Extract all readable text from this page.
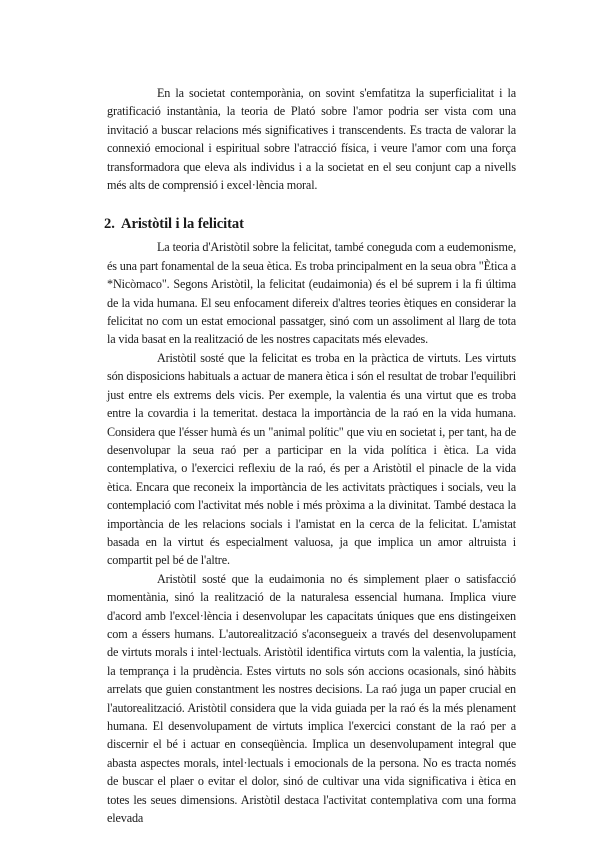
En la societat contemporània, on sovint s'emfatitza la superficialitat i la gratificació instantània, la teoria de Plató sobre l'amor podria ser vista com una invitació a buscar relacions més significatives i transcendents. Es tracta de valorar la connexió emocional i espiritual sobre l'atracció física, i veure l'amor com una força transformadora que eleva als individus i a la societat en el seu conjunt cap a nivells més alts de comprensió i excel·lència moral.

2. Aristòtil i la felicitat

La teoria d'Aristòtil sobre la felicitat, també coneguda com a eudemonisme, és una part fonamental de la seua ètica. Es troba principalment en la seua obra "Ètica a *Nicòmaco". Segons Aristòtil, la felicitat (eudaimonia) és el bé suprem i la fi última de la vida humana. El seu enfocament difereix d'altres teories ètiques en considerar la felicitat no com un estat emocional passatger, sinó com un assoliment al llarg de tota la vida basat en la realització de les nostres capacitats més elevades.

Aristòtil sosté que la felicitat es troba en la pràctica de virtuts. Les virtuts són disposicions habituals a actuar de manera ètica i són el resultat de trobar l'equilibri just entre els extrems dels vicis. Per exemple, la valentia és una virtut que es troba entre la covardia i la temeritat. destaca la importància de la raó en la vida humana. Considera que l'ésser humà és un "animal polític" que viu en societat i, per tant, ha de desenvolupar la seua raó per a participar en la vida política i ètica. La vida contemplativa, o l'exercici reflexiu de la raó, és per a Aristòtil el pinacle de la vida ètica. Encara que reconeix la importància de les activitats pràctiques i socials, veu la contemplació com l'activitat més noble i més pròxima a la divinitat. També destaca la importància de les relacions socials i l'amistat en la cerca de la felicitat. L'amistat basada en la virtut és especialment valuosa, ja que implica un amor altruista i compartit pel bé de l'altre.

Aristòtil sosté que la eudaimonia no és simplement plaer o satisfacció momentània, sinó la realització de la naturalesa essencial humana. Implica viure d'acord amb l'excel·lència i desenvolupar les capacitats úniques que ens distingeixen com a éssers humans. L'autorealització s'aconsegueix a través del desenvolupament de virtuts morals i intel·lectuals. Aristòtil identifica virtuts com la valentia, la justícia, la temprança i la prudència. Estes virtuts no sols són accions ocasionals, sinó hàbits arrelats que guien constantment les nostres decisions. La raó juga un paper crucial en l'autorealització. Aristòtil considera que la vida guiada per la raó és la més plenament humana. El desenvolupament de virtuts implica l'exercici constant de la raó per a discernir el bé i actuar en conseqüència. Implica un desenvolupament integral que abasta aspectes morals, intel·lectuals i emocionals de la persona. No es tracta només de buscar el plaer o evitar el dolor, sinó de cultivar una vida significativa i ètica en totes les seues dimensions. Aristòtil destaca l'activitat contemplativa com una forma elevada
